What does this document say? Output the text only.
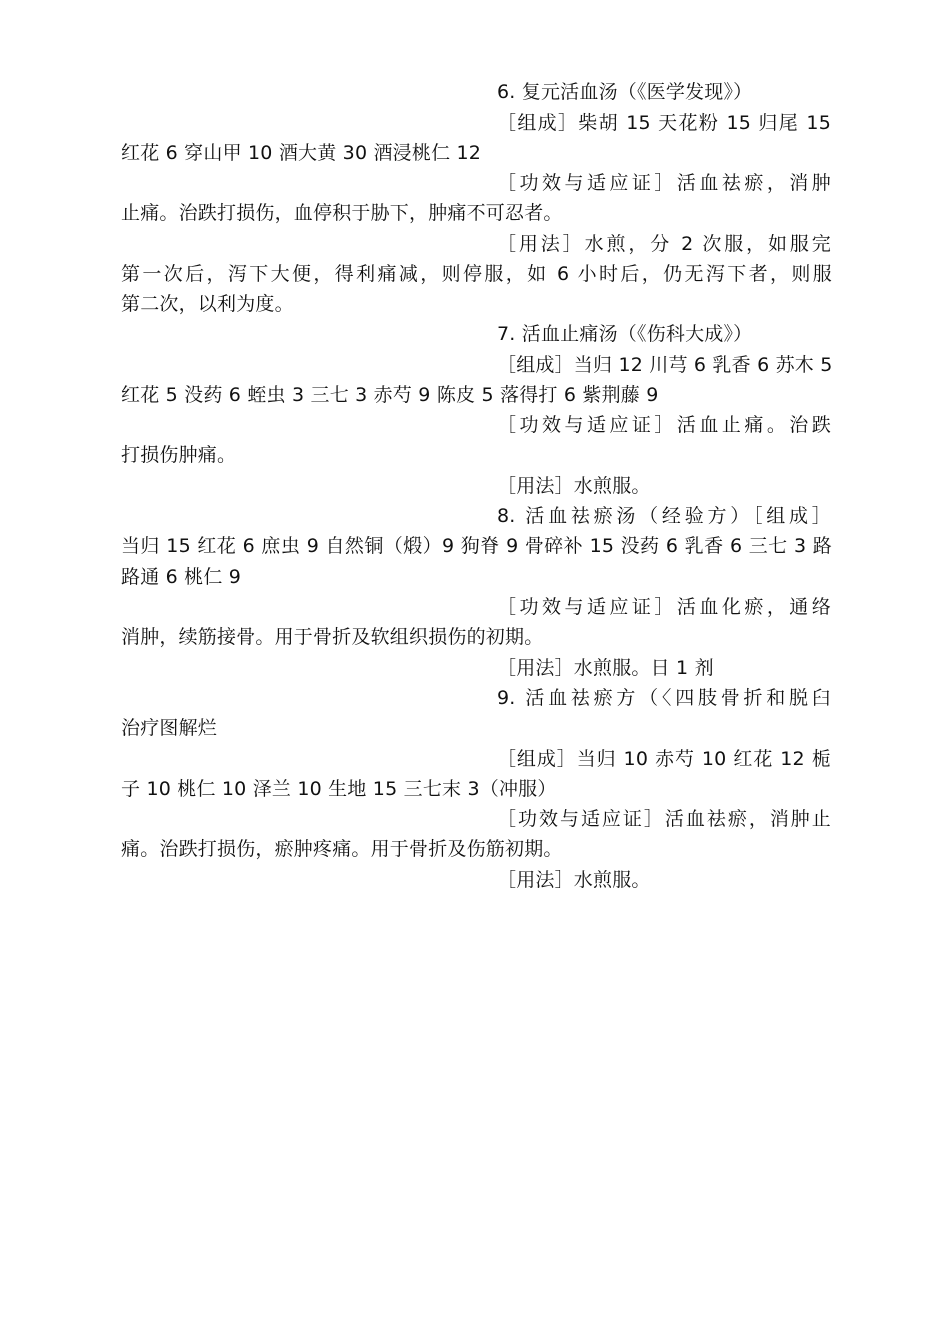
6. 复元活血汤（《医学发现》）
［组成］柴胡 15 天花粉 15 归尾 15
红花 6 穿山甲 10 酒大黄 30 酒浸桃仁 12
［功效与适应证］活血祛瘀，消肿
止痛。治跌打损伤，血停积于胁下，肿痛不可忍者。
［用法］水煎，分 2 次服，如服完
第一次后，泻下大便，得利痛减，则停服，如 6 小时后，仍无泻下者，则服
第二次，以利为度。
7. 活血止痛汤（《伤科大成》）
［组成］当归 12 川芎 6 乳香 6 苏木 5
红花 5 没药 6 蛭虫 3 三七 3 赤芍 9 陈皮 5 落得打 6 紫荆藤 9
［功效与适应证］活血止痛。治跌
打损伤肿痛。
［用法］水煎服。
8. 活血祛瘀汤（经验方）［组成］
当归 15 红花 6 庶虫 9 自然铜（煅）9 狗脊 9 骨碎补 15 没药 6 乳香 6 三七 3 路
路通 6 桃仁 9
［功效与适应证］活血化瘀，通络
消肿，续筋接骨。用于骨折及软组织损伤的初期。
［用法］水煎服。日 1 剂
9. 活血祛瘀方（〈四肢骨折和脱臼
治疗图解烂
［组成］当归 10 赤芍 10 红花 12 栀
子 10 桃仁 10 泽兰 10 生地 15 三七末 3（冲服）
［功效与适应证］活血祛瘀，消肿止
痛。治跌打损伤，瘀肿疼痛。用于骨折及伤筋初期。
［用法］水煎服。
